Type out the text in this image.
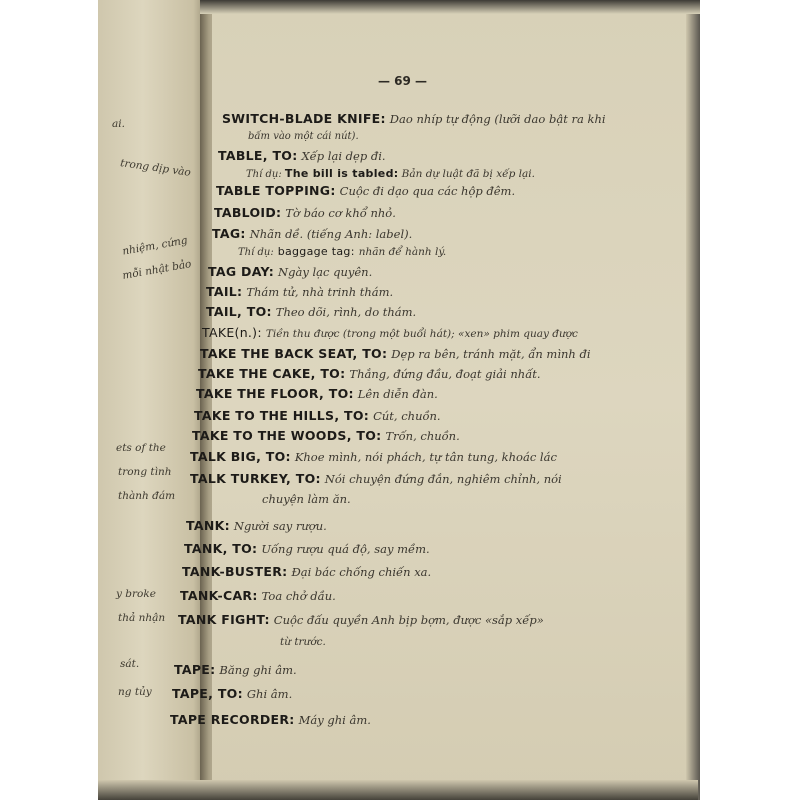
ai.
trong dịp vào
nhiệm, cứng
mỗi nhật bảo
ets of the
trong tình
thành đám
y broke
thả nhận
sát.
ng tủy
— 69 —
SWITCH-BLADE KNIFE: Dao nhíp tự động (lưỡi dao bật ra khi
bấm vào một cái nút).
TABLE, TO: Xếp lại dẹp đi.
Thí dụ: The bill is tabled: Bản dự luật đã bị xếp lại.
TABLE TOPPING: Cuộc đi dạo qua các hộp đêm.
TABLOID: Tờ báo cơ khổ nhỏ.
TAG: Nhãn dề. (tiếng Anh: label).
Thí dụ: baggage tag: nhãn để hành lý.
TAG DAY: Ngày lạc quyên.
TAIL: Thám tử, nhà trinh thám.
TAIL, TO: Theo dõi, rình, do thám.
TAKE(n.): Tiền thu được (trong một buổi hát); «xen» phim quay được
TAKE THE BACK SEAT, TO: Dẹp ra bên, tránh mặt, ẩn mình đi
TAKE THE CAKE, TO: Thắng, đứng đầu, đoạt giải nhất.
TAKE THE FLOOR, TO: Lên diễn đàn.
TAKE TO THE HILLS, TO: Cút, chuồn.
TAKE TO THE WOODS, TO: Trốn, chuồn.
TALK BIG, TO: Khoe mình, nói phách, tự tân tung, khoác lác
TALK TURKEY, TO: Nói chuyện đứng đắn, nghiêm chỉnh, nói
chuyện làm ăn.
TANK: Người say rượu.
TANK, TO: Uống rượu quá độ, say mềm.
TANK-BUSTER: Đại bác chống chiến xa.
TANK-CAR: Toa chở dầu.
TANK FIGHT: Cuộc đấu quyền Anh bịp bợm, được «sắp xếp»
từ trước.
TAPE: Băng ghi âm.
TAPE, TO: Ghi âm.
TAPE RECORDER: Máy ghi âm.
